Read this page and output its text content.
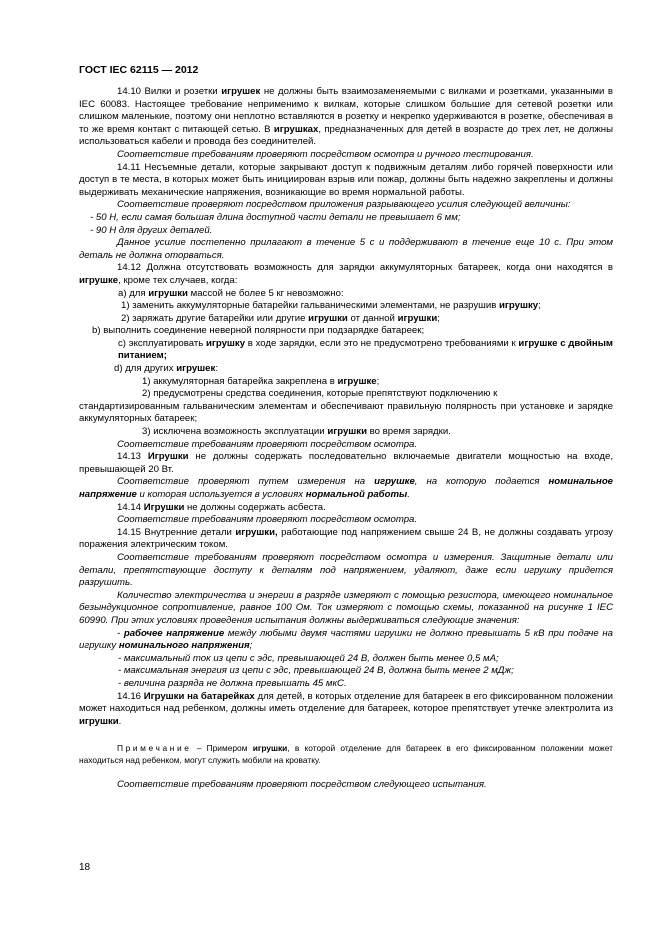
ГОСТ IEC 62115 — 2012

14.10 Вилки и розетки игрушек не должны быть взаимозаменяемыми с вилками и розетками, указанными в IEC 60083. Настоящее требование неприменимо к вилкам, которые слишком большие для сетевой розетки или слишком маленькие, поэтому они неплотно вставляются в розетку и некрепко удерживаются в розетке, обеспечивая в то же время контакт с питающей сетью. В игрушках, предназначенных для детей в возрасте до трех лет, не должны использоваться кабели и провода без соединителей.

Соответствие требованиям проверяют посредством осмотра и ручного тестирования.

14.11 Несъемные детали, которые закрывают доступ к подвижным деталям либо горячей поверхности или доступ в те места, в которых может быть инициирован взрыв или пожар, должны быть надежно закреплены и должны выдерживать механические напряжения, возникающие во время нормальной работы.

Соответствие проверяют посредством приложения разрывающего усилия следующей величины:

- 50 Н, если самая большая длина доступной части детали не превышает 6 мм;

- 90 Н для других деталей.

Данное усилие постепенно прилагают в течение 5 с и поддерживают в течение еще 10 с. При этом деталь не должна оторваться.

14.12 Должна отсутствовать возможность для зарядки аккумуляторных батареек, когда они находятся в игрушке, кроме тех случаев, когда:

a) для игрушки массой не более 5 кг невозможно:

1) заменить аккумуляторные батарейки гальваническими элементами, не разрушив игрушку;

2) заряжать другие батарейки или другие игрушки от данной игрушки;

b) выполнить соединение неверной полярности при подзарядке батареек;

c) эксплуатировать игрушку в ходе зарядки, если это не предусмотрено требованиями к игрушке с двойным питанием;

d) для других игрушек:

1) аккумуляторная батарейка закреплена в игрушке;

2) предусмотрены средства соединения, которые препятствуют подключению к

стандартизированным гальваническим элементам и обеспечивают правильную полярность при установке и зарядке аккумуляторных батареек;

3) исключена возможность эксплуатации игрушки во время зарядки.

Соответствие требованиям проверяют посредством осмотра.

14.13 Игрушки не должны содержать последовательно включаемые двигатели мощностью на входе, превышающей 20 Вт.

Соответствие проверяют путем измерения на игрушке, на которую подается номинальное напряжение и которая используется в условиях нормальной работы.

14.14 Игрушки не должны содержать асбеста.

Соответствие требованиям проверяют посредством осмотра.

14.15 Внутренние детали игрушки, работающие под напряжением свыше 24 В, не должны создавать угрозу поражения электрическим током.

Соответствие требованиям проверяют посредством осмотра и измерения. Защитные детали или детали, препятствующие доступу к деталям под напряжением, удаляют, даже если игрушку придется разрушить.

Количество электричества и энергии в разряде измеряют с помощью резистора, имеющего номинальное безындукционное сопротивление, равное 100 Ом. Ток измеряют с помощью схемы, показанной на рисунке 1 IEC 60990. При этих условиях проведения испытания должны выдерживаться следующие значения:

- рабочее напряжение между любыми двумя частями игрушки не должно превышать 5 кВ при подаче на игрушку номинального напряжения;

- максимальный ток из цепи с эдс, превышающей 24 В, должен быть менее 0,5 мА;

- максимальная энергия из цепи с эдс, превышающей 24 В, должна быть менее 2 мДж;

- величина разряда не должна превышать 45 мкС.

14.16 Игрушки на батарейках для детей, в которых отделение для батареек в его фиксированном положении может находиться над ребенком, должны иметь отделение для батареек, которое препятствует утечке электролита из игрушки.

Примечание – Примером игрушки, в которой отделение для батареек в его фиксированном положении может находиться над ребенком, могут служить мобили на кроватку.

Соответствие требованиям проверяют посредством следующего испытания.

18
